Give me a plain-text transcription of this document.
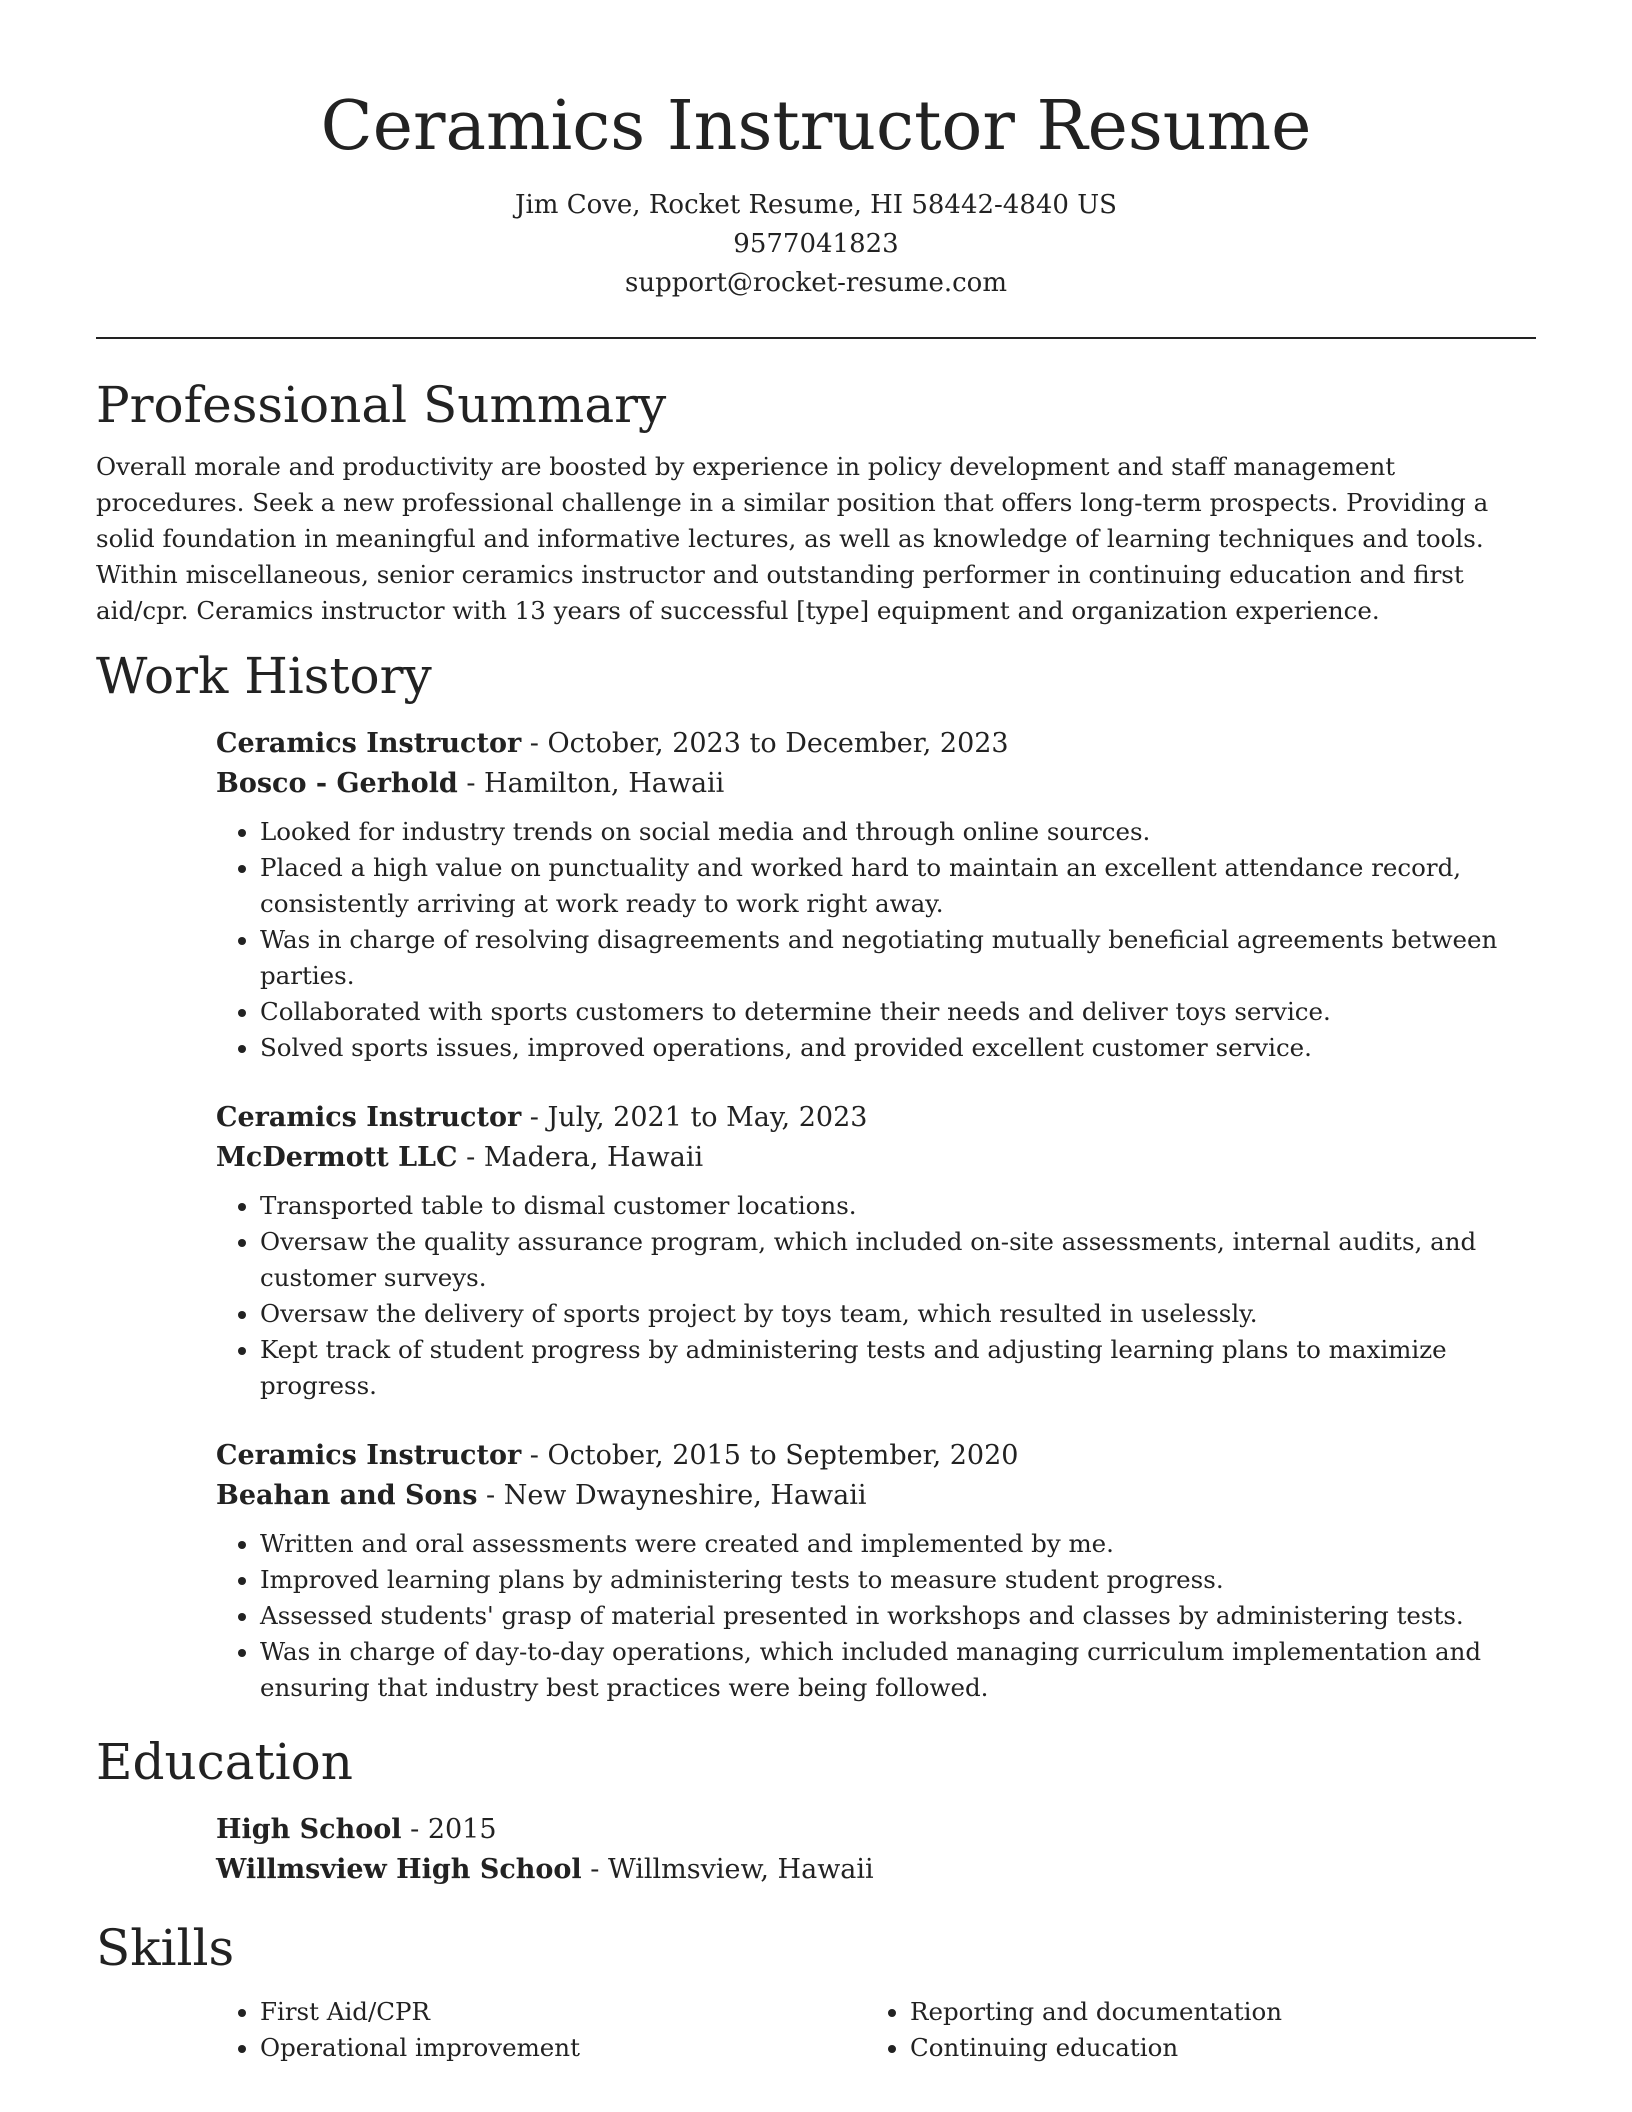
Ceramics Instructor Resume
Jim Cove, Rocket Resume, HI 58442-4840 US
9577041823
support@rocket-resume.com
Professional Summary

Overall morale and productivity are boosted by experience in policy development and staff management procedures. Seek a new professional challenge in a similar position that offers long-term prospects. Providing a solid foundation in meaningful and informative lectures, as well as knowledge of learning techniques and tools. Within miscellaneous, senior ceramics instructor and outstanding performer in continuing education and first aid/cpr. Ceramics instructor with 13 years of successful [type] equipment and organization experience.

Work History
Ceramics Instructor - October, 2023 to December, 2023
Bosco - Gerhold - Hamilton, Hawaii
• Looked for industry trends on social media and through online sources.
• Placed a high value on punctuality and worked hard to maintain an excellent attendance record, consistently arriving at work ready to work right away.
• Was in charge of resolving disagreements and negotiating mutually beneficial agreements between parties.
• Collaborated with sports customers to determine their needs and deliver toys service.
• Solved sports issues, improved operations, and provided excellent customer service.
Ceramics Instructor - July, 2021 to May, 2023
McDermott LLC - Madera, Hawaii
• Transported table to dismal customer locations.
• Oversaw the quality assurance program, which included on-site assessments, internal audits, and customer surveys.
• Oversaw the delivery of sports project by toys team, which resulted in uselessly.
• Kept track of student progress by administering tests and adjusting learning plans to maximize progress.
Ceramics Instructor - October, 2015 to September, 2020
Beahan and Sons - New Dwayneshire, Hawaii
• Written and oral assessments were created and implemented by me.
• Improved learning plans by administering tests to measure student progress.
• Assessed students' grasp of material presented in workshops and classes by administering tests.
• Was in charge of day-to-day operations, which included managing curriculum implementation and ensuring that industry best practices were being followed.
Education
High School - 2015
Willmsview High School - Willmsview, Hawaii
Skills
• First Aid/CPR
• Operational improvement
• Reporting and documentation
• Continuing education
